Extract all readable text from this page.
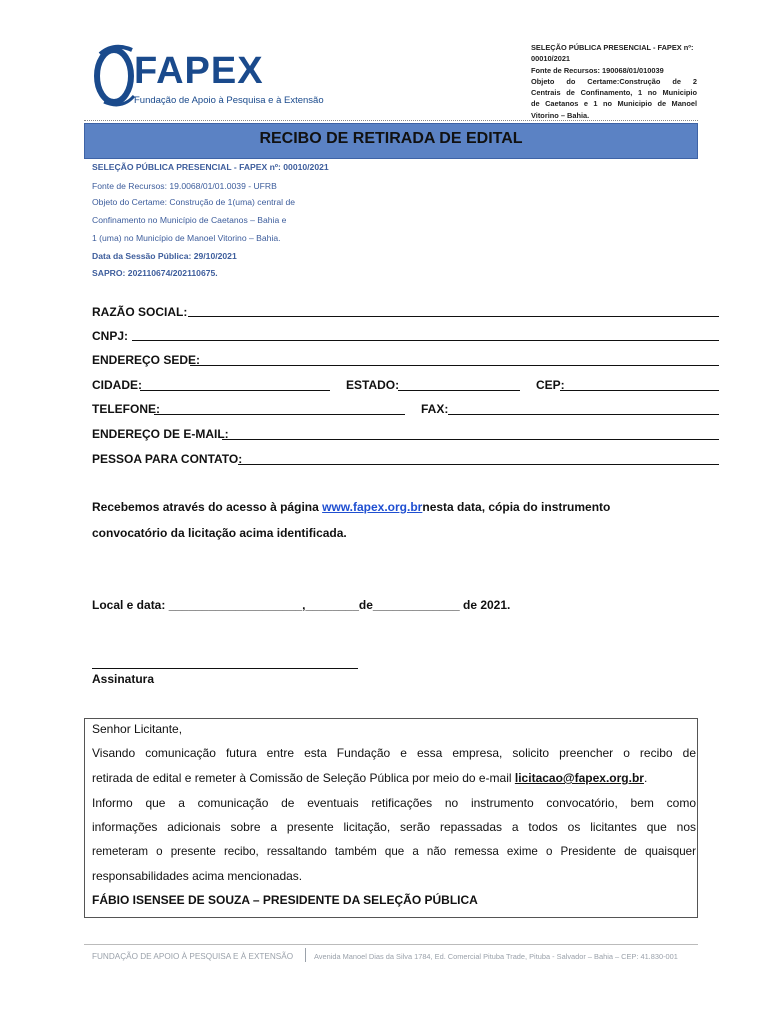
FAPEX
Fundação de Apoio à Pesquisa e à Extensão
SELEÇÃO PÚBLICA PRESENCIAL - FAPEX nº:
00010/2021
Fonte de Recursos: 190068/01/010039
Objeto do Certame:Construção de 2
Centrais de Confinamento, 1 no Municipio
de Caetanos e 1 no Municipio de Manoel
Vitorino – Bahia.
RECIBO DE RETIRADA DE EDITAL
SELEÇÃO PÚBLICA PRESENCIAL - FAPEX nº: 00010/2021
Fonte de Recursos: 19.0068/01/01.0039 - UFRB
Objeto do Certame: Construção de 1(uma) central de
Confinamento no Município de Caetanos – Bahia e
1 (uma) no Município de Manoel Vitorino – Bahia.
Data da Sessão Pública: 29/10/2021
SAPRO: 202110674/202110675.
RAZÃO SOCIAL:
CNPJ:
ENDEREÇO SEDE:
CIDADE:	ESTADO:	CEP:
TELEFONE:	FAX:
ENDEREÇO DE E-MAIL:
PESSOA PARA CONTATO:
Recebemos através do acesso à página www.fapex.org.brnesta data, cópia do instrumento
convocatório da licitação acima identificada.
Local e data: ____________________,________de_____________ de 2021.
Assinatura
Senhor Licitante,
Visando comunicação futura entre esta Fundação e essa empresa, solicito preencher o recibo de
retirada de edital e remeter à Comissão de Seleção Pública por meio do e-mail licitacao@fapex.org.br.
Informo que a comunicação de eventuais retificações no instrumento convocatório, bem como
informações adicionais sobre a presente licitação, serão repassadas a todos os licitantes que nos
remeteram o presente recibo, ressaltando também que a não remessa exime o Presidente de quaisquer
responsabilidades acima mencionadas.
FÁBIO ISENSEE DE SOUZA – PRESIDENTE DA SELEÇÃO PÚBLICA
FUNDAÇÃO DE APOIO À PESQUISA E À EXTENSÃO	Avenida Manoel Dias da Silva 1784, Ed. Comercial Pituba Trade, Pituba - Salvador – Bahia – CEP: 41.830-001
